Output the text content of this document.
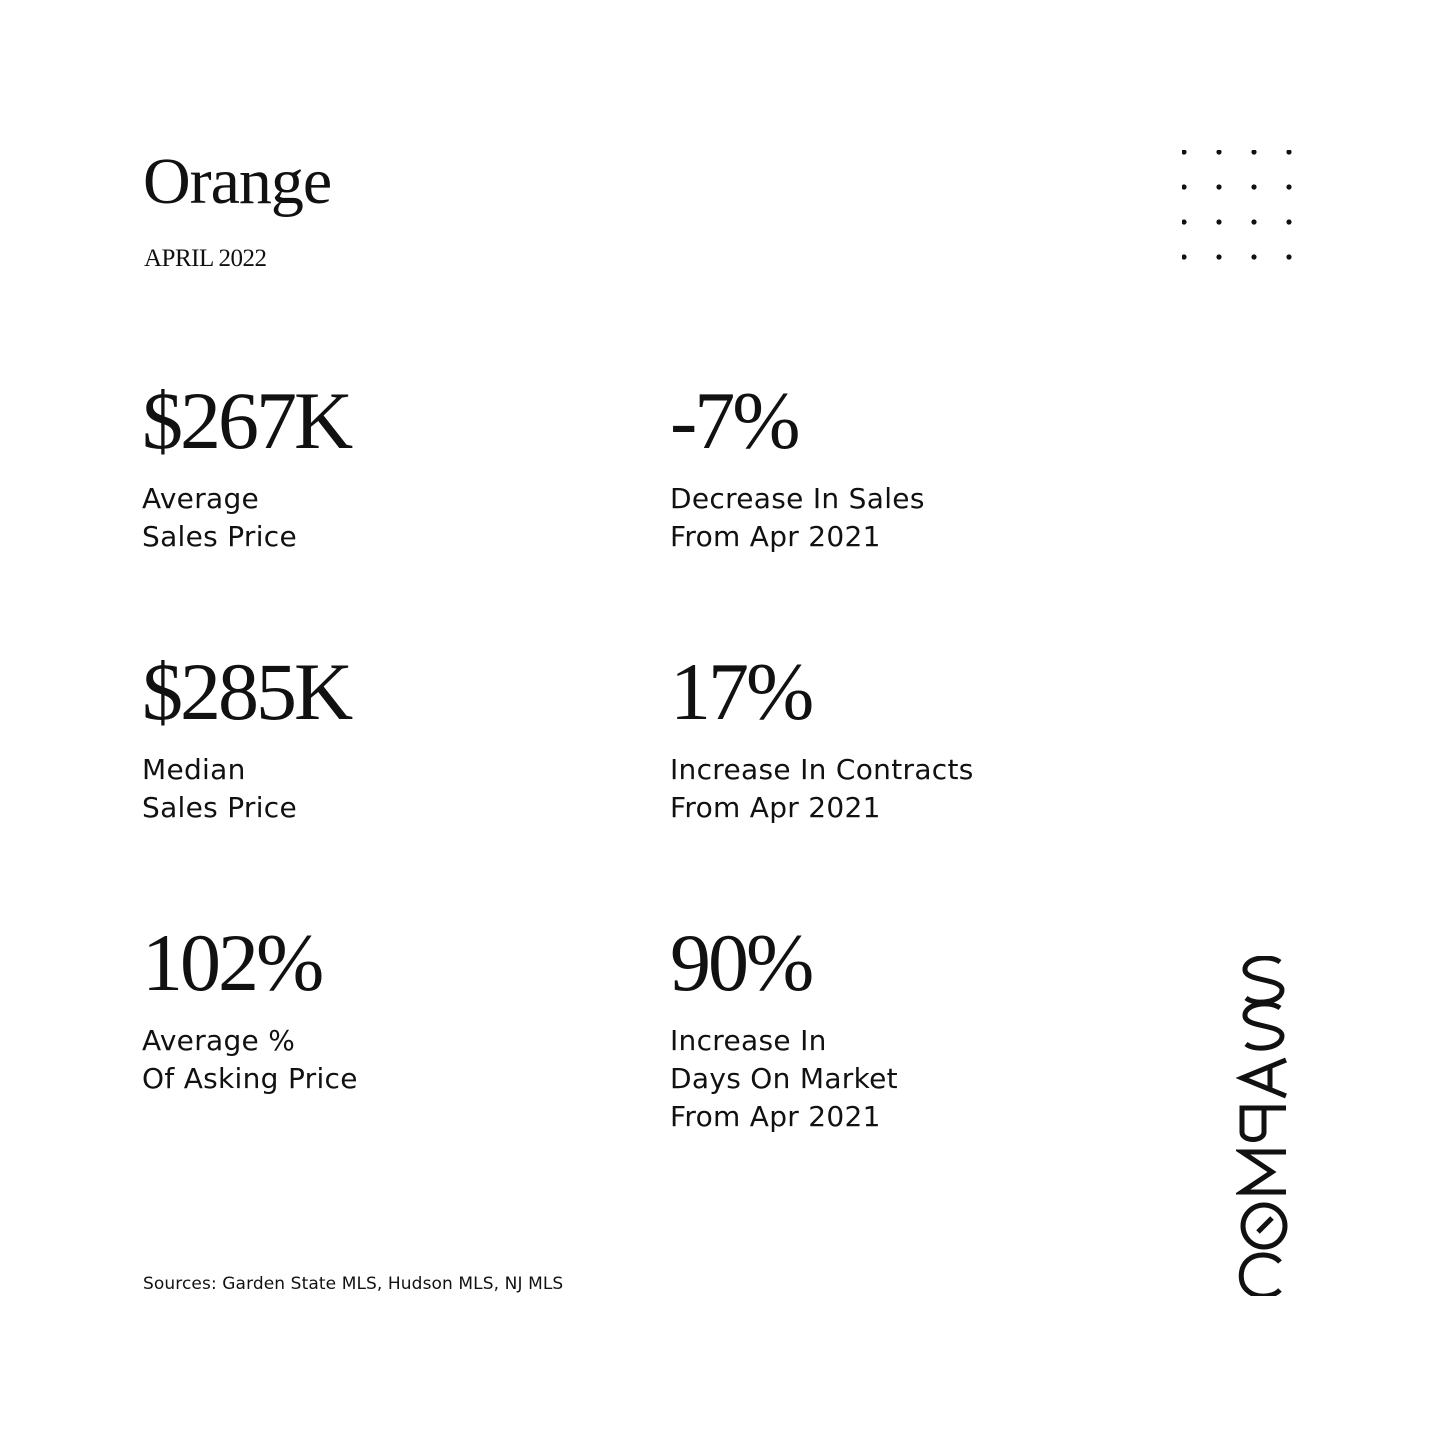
Orange
APRIL 2022
$267K
Average
Sales Price
-7%
Decrease In Sales
From Apr 2021
$285K
Median
Sales Price
17%
Increase In Contracts
From Apr 2021
102%
Average %
Of Asking Price
90%
Increase In
Days On Market
From Apr 2021
Sources: Garden State MLS, Hudson MLS, NJ MLS
